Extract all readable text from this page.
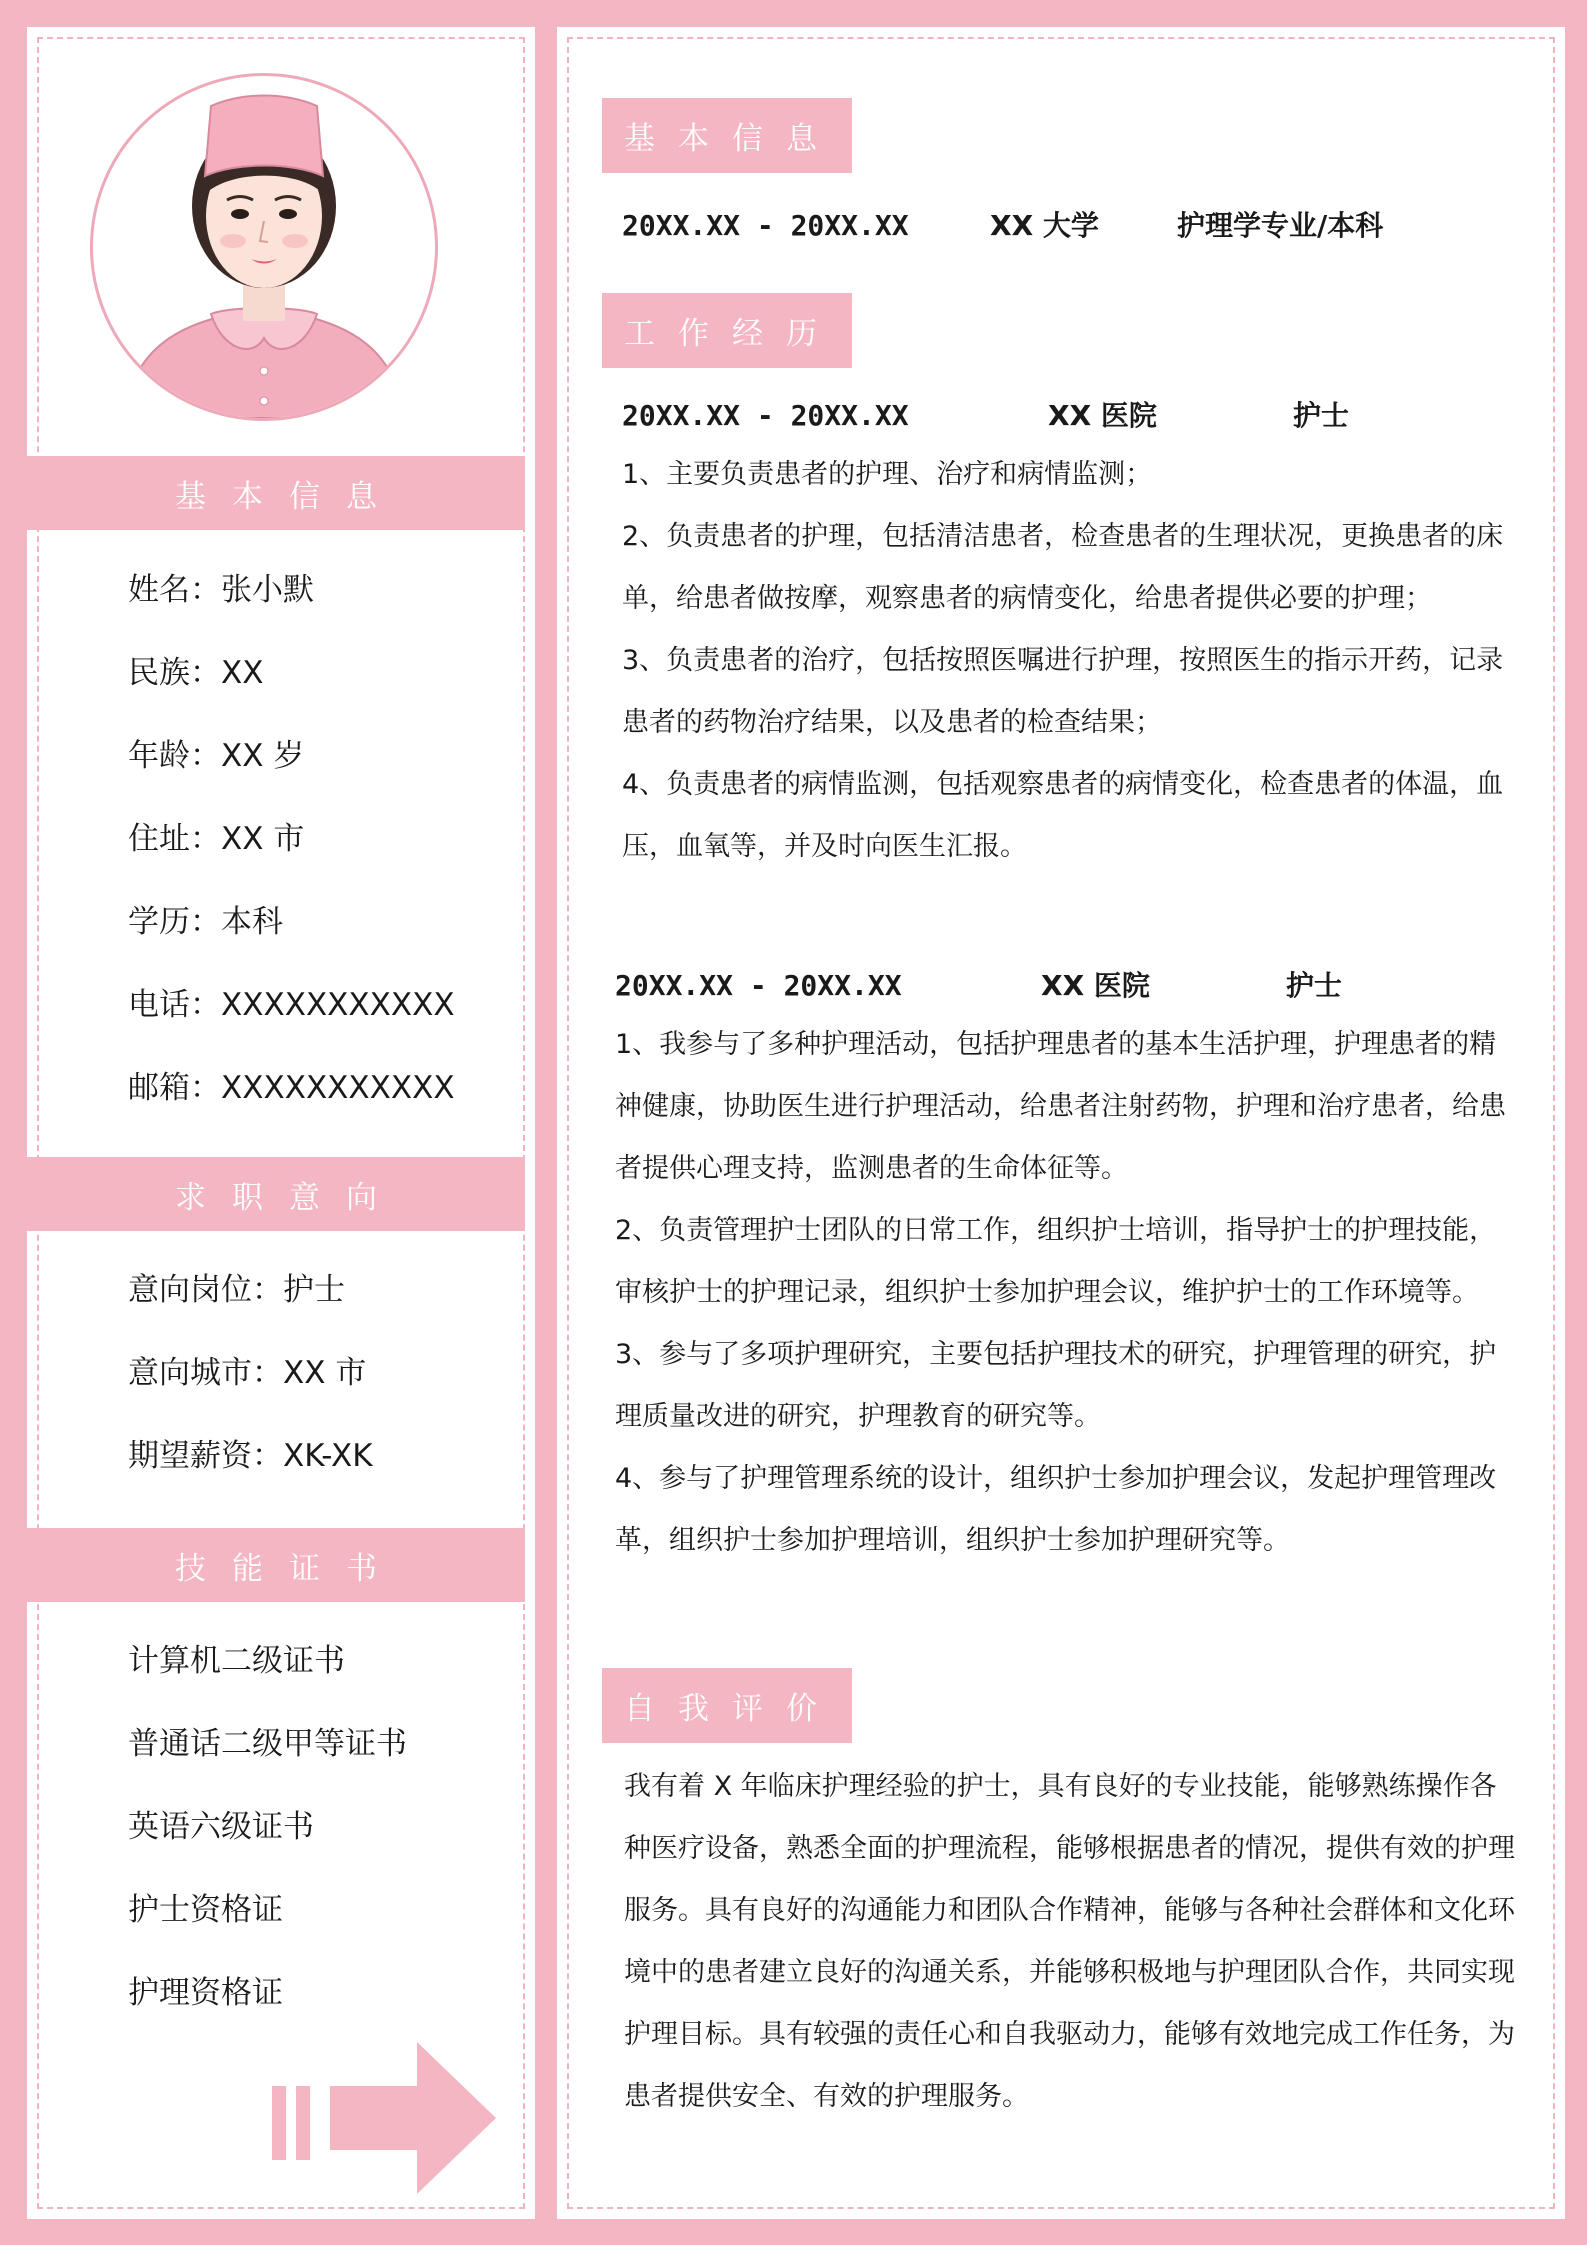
基本信息
姓名：张小默
民族：XX
年龄：XX 岁
住址：XX 市
学历：本科
电话：XXXXXXXXXXX
邮箱：XXXXXXXXXXX
求职意向
意向岗位：护士
意向城市：XX 市
期望薪资：XK-XK
技能证书
计算机二级证书
普通话二级甲等证书
英语六级证书
护士资格证
护理资格证
基本信息
20XX.XX - 20XX.XX	XX 大学	护理学专业/本科
工作经历
20XX.XX - 20XX.XX	XX 医院	护士

1、主要负责患者的护理、治疗和病情监测；

2、负责患者的护理，包括清洁患者，检查患者的生理状况，更换患者的床单，给患者做按摩，观察患者的病情变化，给患者提供必要的护理；

3、负责患者的治疗，包括按照医嘱进行护理，按照医生的指示开药，记录患者的药物治疗结果，以及患者的检查结果；

4、负责患者的病情监测，包括观察患者的病情变化，检查患者的体温，血压，血氧等，并及时向医生汇报。

20XX.XX - 20XX.XX	XX 医院	护士

1、我参与了多种护理活动，包括护理患者的基本生活护理，护理患者的精神健康，协助医生进行护理活动，给患者注射药物，护理和治疗患者，给患者提供心理支持，监测患者的生命体征等。

2、负责管理护士团队的日常工作，组织护士培训，指导护士的护理技能，审核护士的护理记录，组织护士参加护理会议，维护护士的工作环境等。

3、参与了多项护理研究，主要包括护理技术的研究，护理管理的研究，护理质量改进的研究，护理教育的研究等。

4、参与了护理管理系统的设计，组织护士参加护理会议，发起护理管理改革，组织护士参加护理培训，组织护士参加护理研究等。

自我评价
我有着 X 年临床护理经验的护士，具有良好的专业技能，能够熟练操作各种医疗设备，熟悉全面的护理流程，能够根据患者的情况，提供有效的护理服务。具有良好的沟通能力和团队合作精神，能够与各种社会群体和文化环境中的患者建立良好的沟通关系，并能够积极地与护理团队合作，共同实现护理目标。具有较强的责任心和自我驱动力，能够有效地完成工作任务，为患者提供安全、有效的护理服务。
